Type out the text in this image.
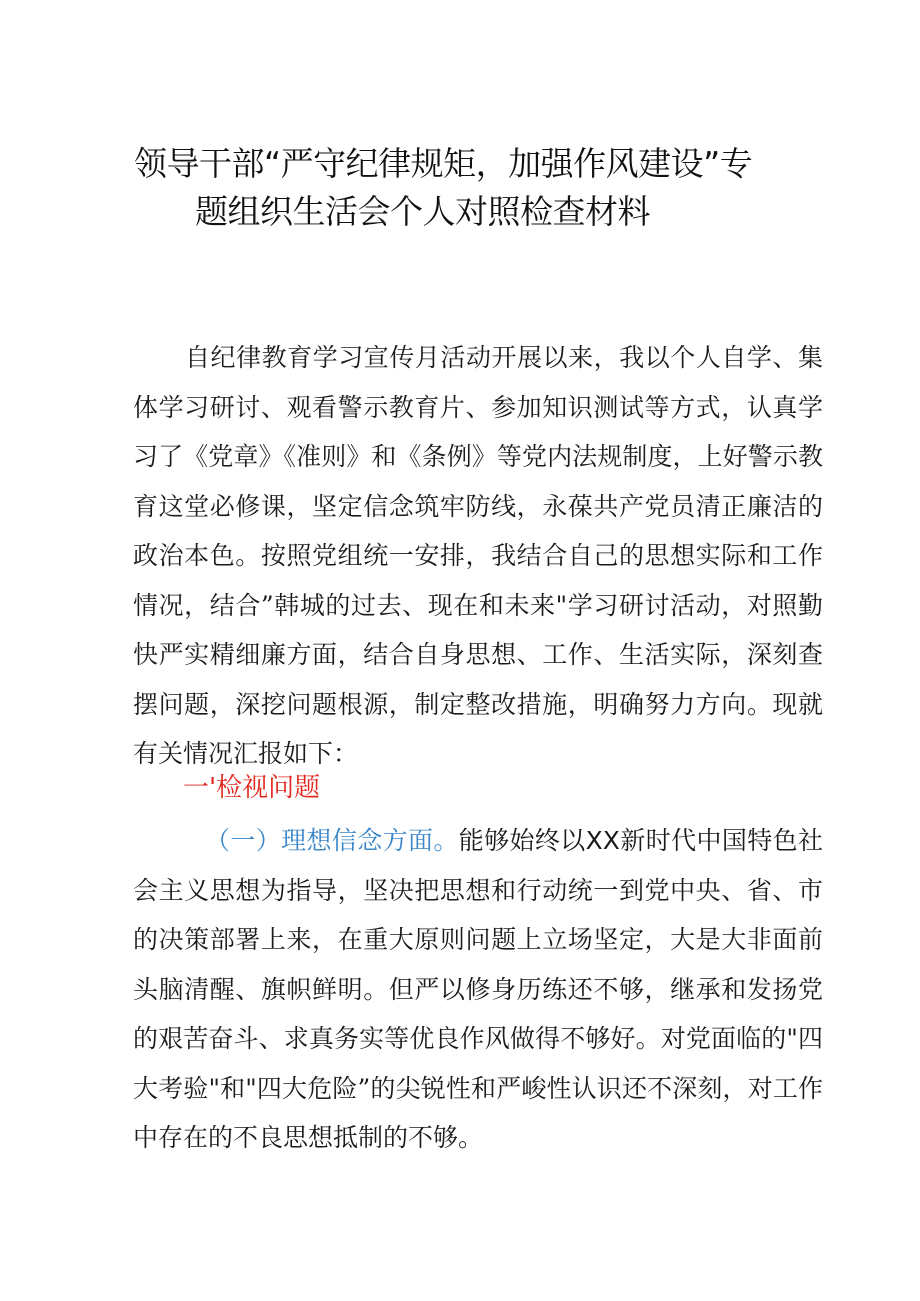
领导干部“严守纪律规矩，加强作风建设”专
题组织生活会个人对照检查材料

自纪律教育学习宣传月活动开展以来，我以个人自学、集体学习研讨、观看警示教育片、参加知识测试等方式，认真学习了《党章》《准则》和《条例》等党内法规制度，上好警示教育这堂必修课，坚定信念筑牢防线，永葆共产党员清正廉洁的政治本色。按照党组统一安排，我结合自己的思想实际和工作情况，结合”韩城的过去、现在和未来"学习研讨活动，对照勤快严实精细廉方面，结合自身思想、工作、生活实际，深刻查摆问题，深挖问题根源，制定整改措施，明确努力方向。现就有关情况汇报如下：

一'检视问题

（一）理想信念方面。能够始终以XX新时代中国特色社会主义思想为指导，坚决把思想和行动统一到党中央、省、市的决策部署上来，在重大原则问题上立场坚定，大是大非面前头脑清醒、旗帜鲜明。但严以修身历练还不够，继承和发扬党的艰苦奋斗、求真务实等优良作风做得不够好。对党面临的"四大考验"和"四大危险”的尖锐性和严峻性认识还不深刻，对工作中存在的不良思想抵制的不够。
